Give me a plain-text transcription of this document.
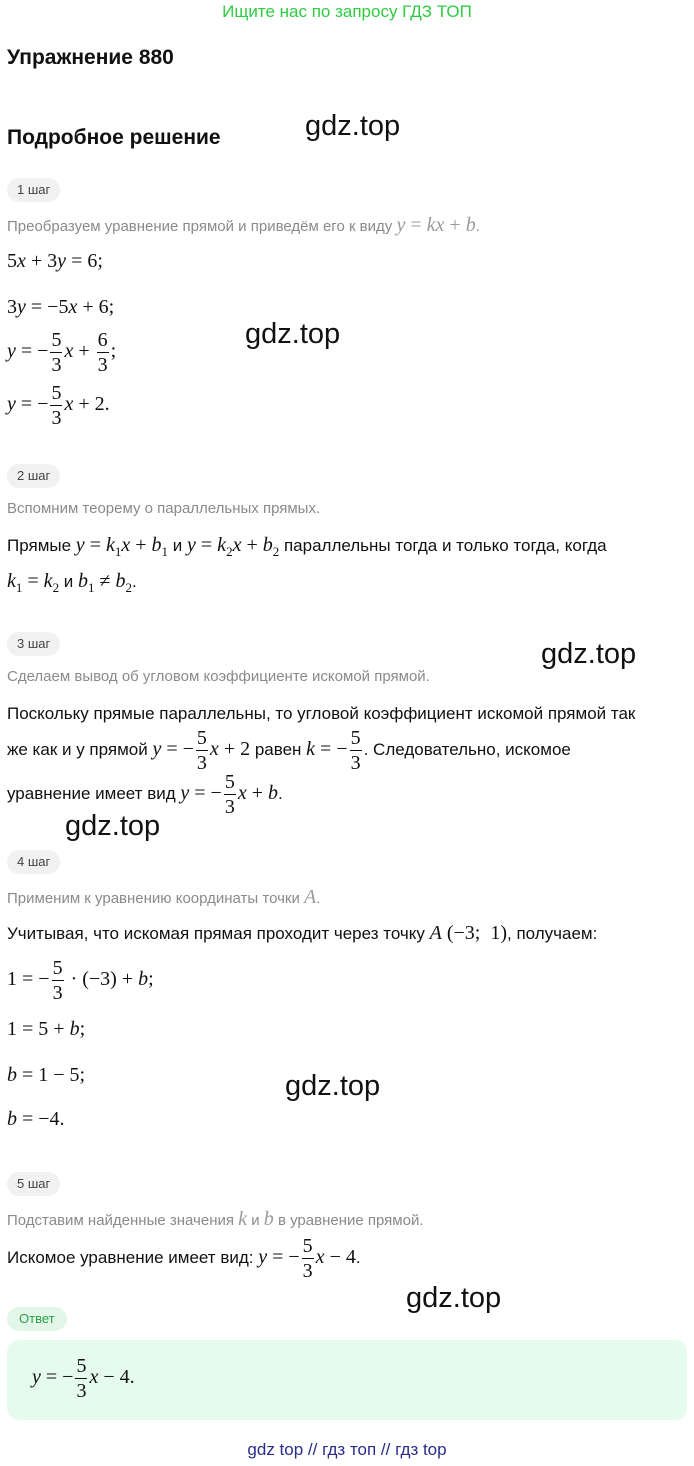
Ищите нас по запросу ГДЗ ТОП
Упражнение 880
Подробное решение	gdz.top
gdz.top
gdz.top
gdz.top
gdz.top
gdz.top
1 шаг
Преобразуем уравнение прямой и приведём его к виду y = kx + b.
5x + 3y = 6;
3y = −5x + 6;
y = − $\frac{5}{3}$ $x + \frac{6}{3}$ ;
y = − $\frac{5}{3}$ x + 2.
2 шаг
Вспомним теорему о параллельных прямых.
Прямые $y = k_1x + b_1$ и $y = k_2x + b_2$ параллельны тогда и только тогда, когда
$k_1 = k_2$ и $b_1 \ne b_2$.
3 шаг
Сделаем вывод об угловом коэффициенте искомой прямой.
Поскольку прямые параллельны, то угловой коэффициент искомой прямой так
же как и у прямой y = − $\frac{5}{3}$ x + 2 равен k = − $\frac{5}{3}$ . Следовательно, искомое
уравнение имеет вид y = − $\frac{5}{3}$ x + b.
4 шаг
Применим к уравнению координаты точки A.
Учитывая, что искомая прямая проходит через точку A (−3;  1), получаем:
1 = − $\frac{5}{3} \cdot (-3) + b$;
1 = 5 + b;
b = 1 − 5;
b = −4.
5 шаг
Подставим найденные значения k и b в уравнение прямой.
Искомое уравнение имеет вид: y = − $\frac{5}{3}$ x − 4.
Ответ
y = − $\frac{5}{3}$ x − 4.
gdz top // гдз топ // гдз top
